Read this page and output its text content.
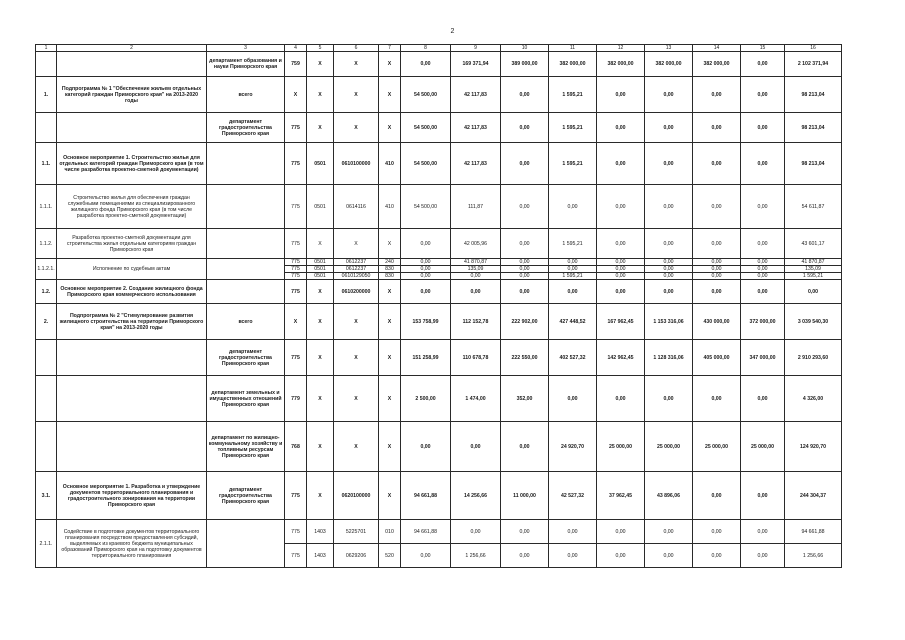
2
1	2	3	4	5	6	7	8	9	10	11	12	13	14	15	16
		департамент образования и науки Приморского края	759	X	X	X	0,00	169 371,94	389 000,00	382 000,00	382 000,00	382 000,00	382 000,00	0,00	2 102 371,94
1.	Подпрограмма № 1 "Обеспечение жильем отдельных категорий граждан Приморского края" на 2013-2020 годы	всего	X	X	X	X	54 500,00	42 117,83	0,00	1 595,21	0,00	0,00	0,00	0,00	98 213,04
		департамент градостроительства Приморского края	775	X	X	X	54 500,00	42 117,83	0,00	1 595,21	0,00	0,00	0,00	0,00	98 213,04
1.1.	Основное мероприятие 1. Строительство жилья для отдельных категорий граждан Приморского края (в том числе разработка проектно-сметной документации)		775	0501	0610100000	410	54 500,00	42 117,83	0,00	1 595,21	0,00	0,00	0,00	0,00	98 213,04
1.1.1.	Строительство жилья для обеспечения граждан служебными помещениями из специализированного жилищного фонда Приморского края (в том числе разработка проектно-сметной документации)		775	0501	0614116	410	54 500,00	111,87	0,00	0,00	0,00	0,00	0,00	0,00	54 611,87
1.1.2.	Разработка проектно-сметной документации для строительства жилья отдельным категориям граждан Приморского края		775	X	X	X	0,00	42 005,96	0,00	1 595,21	0,00	0,00	0,00	0,00	43 601,17
1.1.2.1.	Исполнение по судебным актам		775	0501	0612237	240	0,00	41 870,87	0,00	0,00	0,00	0,00	0,00	0,00	41 870,87
			775	0501	0612237	830	0,00	135,09	0,00	0,00	0,00	0,00	0,00	0,00	135,09
			775	0501	0610129050	830	0,00	0,00	0,00	1 595,21	0,00	0,00	0,00	0,00	1 595,21
1.2.	Основное мероприятие 2. Создание жилищного фонда Приморского края коммерческого использования		775	X	0610200000	X	0,00	0,00	0,00	0,00	0,00	0,00	0,00	0,00	0,00
2.	Подпрограмма № 2 "Стимулирование развития жилищного строительства на территории Приморского края" на 2013-2020 годы	всего	X	X	X	X	153 758,99	112 152,78	222 902,00	427 448,52	167 962,45	1 153 316,06	430 000,00	372 000,00	3 039 540,30
		департамент градостроительства Приморского края	775	X	X	X	151 258,99	110 678,78	222 550,00	402 527,32	142 962,45	1 128 316,06	405 000,00	347 000,00	2 910 293,60
		департамент земельных и имущественных отношений Приморского края	779	X	X	X	2 500,00	1 474,00	352,00	0,00	0,00	0,00	0,00	0,00	4 326,00
		департамент по жилищно-коммунальному хозяйству и топливным ресурсам Приморского края	768	X	X	X	0,00	0,00	0,00	24 920,70	25 000,00	25 000,00	25 000,00	25 000,00	124 920,70
3.1.	Основное мероприятие 1. Разработка и утверждение документов территориального планирования и градостроительного зонирования на территории Приморского края	департамент градостроительства Приморского края	775	X	0620100000	X	94 661,88	14 256,66	11 000,00	42 527,32	37 962,45	43 896,06	0,00	0,00	244 304,37
2.1.1.	Содействие в подготовке документов территориального планирования посредством предоставления субсидий, выделяемых из краевого бюджета муниципальных образований Приморского края на подготовку документов территориального планирования		775	1403	5225701	010	94 661,88	0,00	0,00	0,00	0,00	0,00	0,00	0,00	94 661,88
			775	1403	0629206	520	0,00	1 256,66	0,00	0,00	0,00	0,00	0,00	0,00	1 256,66
